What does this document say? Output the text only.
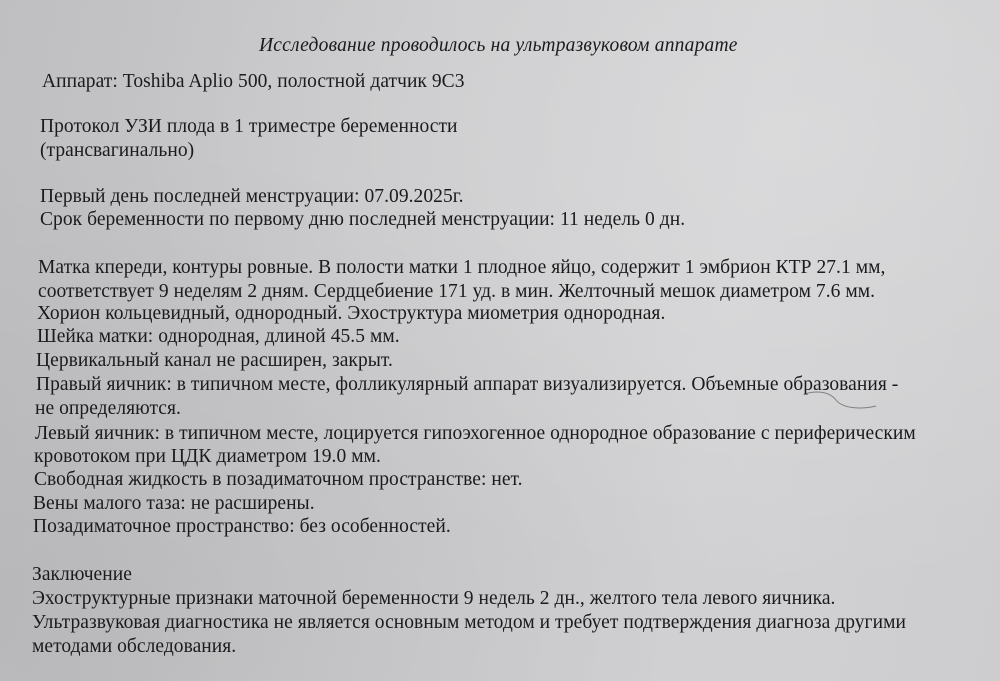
Исследование проводилось на ультразвуковом аппарате
Аппарат: Toshiba Aplio 500, полостной датчик 9С3
Протокол УЗИ плода в 1 триместре беременности
(трансвагинально)
Первый день последней менструации: 07.09.2025г.
Срок беременности по первому дню последней менструации: 11 недель 0 дн.
Матка кпереди, контуры ровные. В полости матки 1 плодное яйцо, содержит 1 эмбрион КТР 27.1 мм,
соответствует 9 неделям 2 дням. Сердцебиение 171 уд. в мин. Желточный мешок диаметром 7.6 мм.
Хорион кольцевидный, однородный. Эхоструктура миометрия однородная.
Шейка матки: однородная, длиной 45.5 мм.
Цервикальный канал не расширен, закрыт.
Правый яичник: в типичном месте, фолликулярный аппарат визуализируется. Объемные образования -
не определяются.
Левый яичник: в типичном месте, лоцируется гипоэхогенное однородное образование с периферическим
кровотоком при ЦДК диаметром 19.0 мм.
Свободная жидкость в позадиматочном пространстве: нет.
Вены малого таза: не расширены.
Позадиматочное пространство: без особенностей.
Заключение
Эхоструктурные признаки маточной беременности 9 недель 2 дн., желтого тела левого яичника.
Ультразвуковая диагностика не является основным методом и требует подтверждения диагноза другими
методами обследования.
